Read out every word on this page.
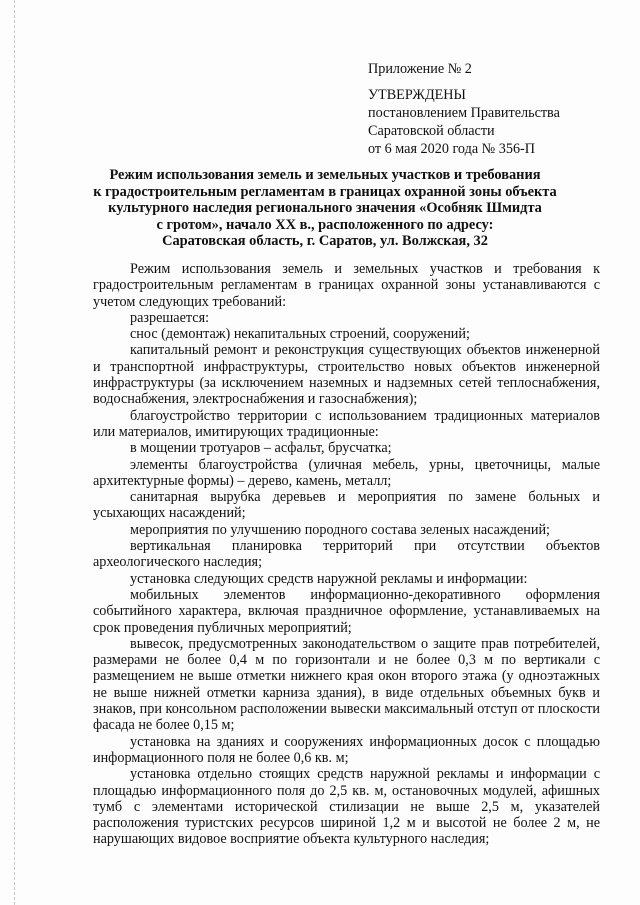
Приложение № 2
УТВЕРЖДЕНЫ
постановлением Правительства
Саратовской области
от 6 мая 2020 года № 356-П
Режим использования земель и земельных участков и требования
к градостроительным регламентам в границах охранной зоны объекта
культурного наследия регионального значения «Особняк Шмидта
с гротом», начало XX в., расположенного по адресу:
Саратовская область, г. Саратов, ул. Волжская, 32

Режим использования земель и земельных участков и требования к градостроительным регламентам в границах охранной зоны устанавливаются с учетом следующих требований:

разрешается:

снос (демонтаж) некапитальных строений, сооружений;

капитальный ремонт и реконструкция существующих объектов инженерной и транспортной инфраструктуры, строительство новых объектов инженерной инфраструктуры (за исключением наземных и надземных сетей теплоснабжения, водоснабжения, электроснабжения и газоснабжения);

благоустройство территории с использованием традиционных материалов или материалов, имитирующих традиционные:

в мощении тротуаров – асфальт, брусчатка;

элементы благоустройства (уличная мебель, урны, цветочницы, малые архитектурные формы) – дерево, камень, металл;

санитарная вырубка деревьев и мероприятия по замене больных и усыхающих насаждений;

мероприятия по улучшению породного состава зеленых насаждений;

вертикальная планировка территорий при отсутствии объектов археологического наследия;

установка следующих средств наружной рекламы и информации:

мобильных элементов информационно-декоративного оформления событийного характера, включая праздничное оформление, устанавливаемых на срок проведения публичных мероприятий;

вывесок, предусмотренных законодательством о защите прав потребителей, размерами не более 0,4 м по горизонтали и не более 0,3 м по вертикали с размещением не выше отметки нижнего края окон второго этажа (у одноэтажных не выше нижней отметки карниза здания), в виде отдельных объемных букв и знаков, при консольном расположении вывески максимальный отступ от плоскости фасада не более 0,15 м;

установка на зданиях и сооружениях информационных досок с площадью информационного поля не более 0,6 кв. м;

установка отдельно стоящих средств наружной рекламы и информации с площадью информационного поля до 2,5 кв. м, остановочных модулей, афишных тумб с элементами исторической стилизации не выше 2,5 м, указателей расположения туристских ресурсов шириной 1,2 м и высотой не более 2 м, не нарушающих видовое восприятие объекта культурного наследия;
